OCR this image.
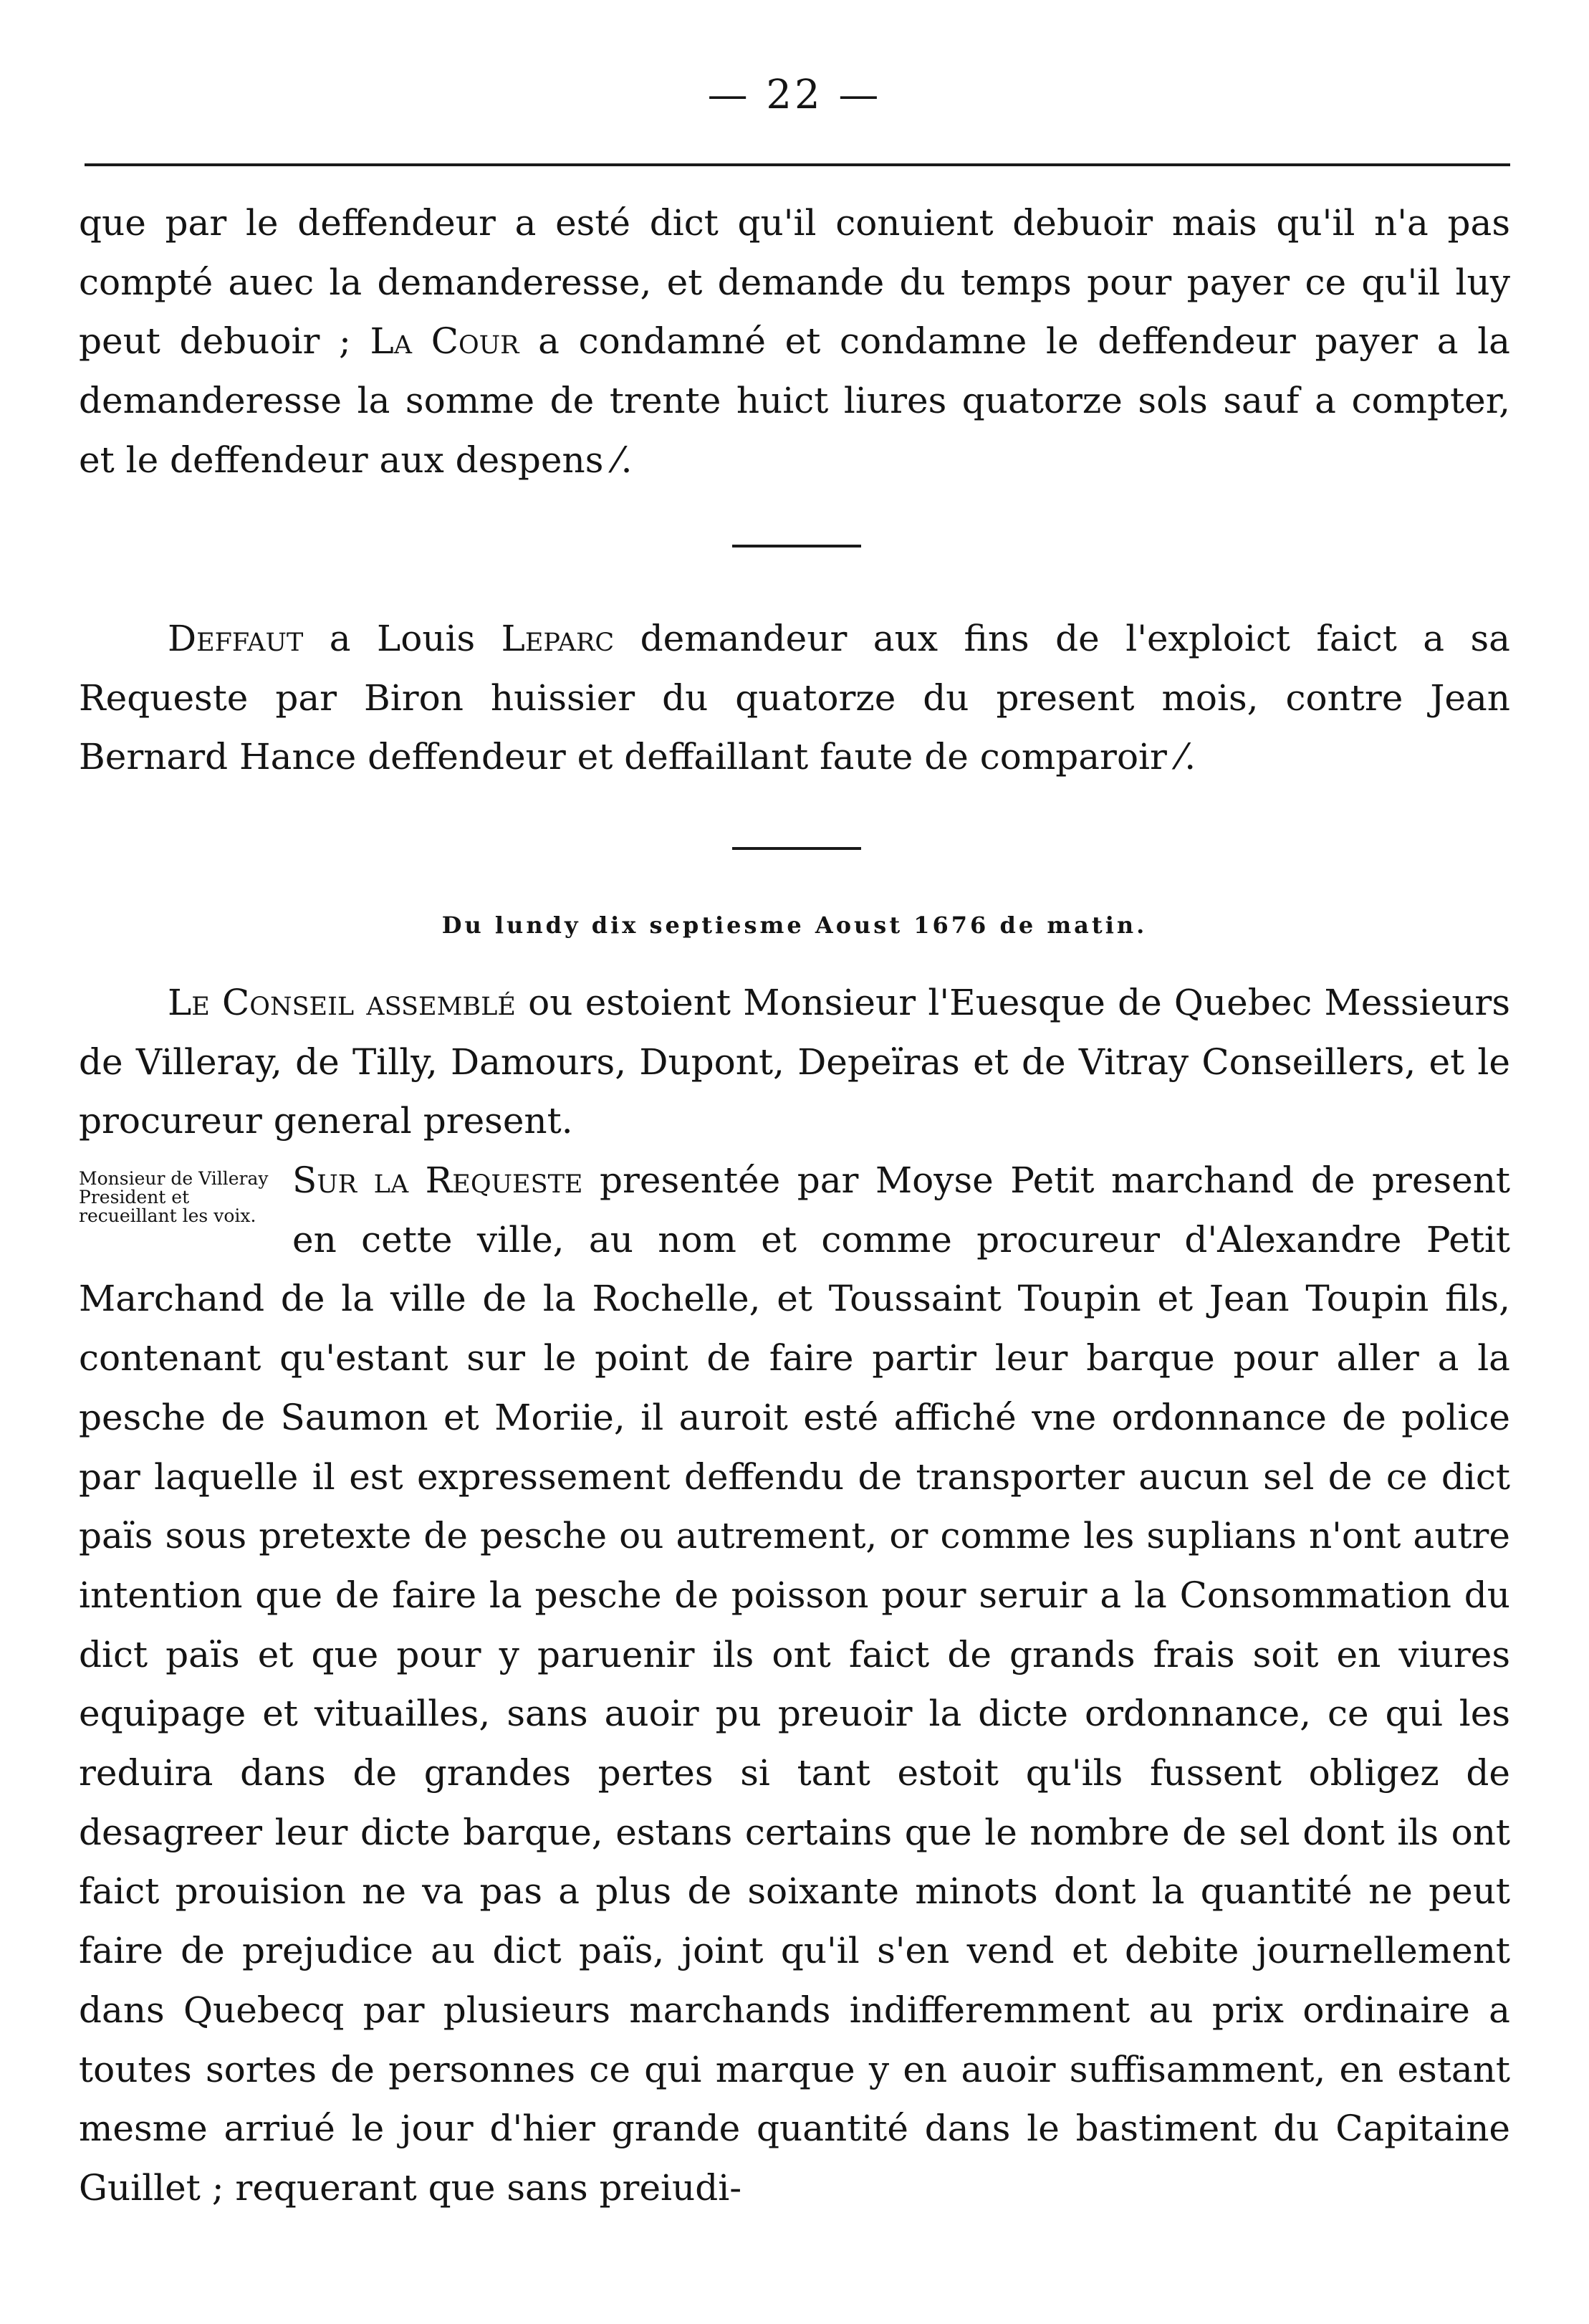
— 22 —

que par le deffendeur a esté dict qu'il conuient debuoir mais qu'il n'a pas compté auec la demanderesse, et demande du temps pour payer ce qu'il luy peut debuoir ; La Cour a condamné et condamne le deffendeur payer a la demanderesse la somme de trente huict liures quatorze sols sauf a compter, et le deffendeur aux despens ⁄.

Deffaut a Louis Leparc demandeur aux fins de l'exploict faict a sa Requeste par Biron huissier du quatorze du present mois, contre Jean Bernard Hance deffendeur et deffaillant faute de comparoir ⁄.

Du lundy dix septiesme Aoust 1676 de matin.

Le Conseil assemblé ou estoient Monsieur l'Euesque de Quebec Messieurs de Villeray, de Tilly, Damours, Dupont, Depeïras et de Vitray Conseillers, et le procureur general present.

Monsieur de Villeray President et recueillant les voix.

Sur la Requeste presentée par Moyse Petit marchand de present en cette ville, au nom et comme procureur d'Alexandre Petit Marchand de la ville de la Rochelle, et Toussaint Toupin et Jean Toupin fils, contenant qu'estant sur le point de faire partir leur barque pour aller a la pesche de Saumon et Moriie, il auroit esté affiché vne ordonnance de police par laquelle il est expressement deffendu de transporter aucun sel de ce dict païs sous pretexte de pesche ou autrement, or comme les suplians n'ont autre intention que de faire la pesche de poisson pour seruir a la Consommation du dict païs et que pour y paruenir ils ont faict de grands frais soit en viures equipage et vituailles, sans auoir pu preuoir la dicte ordonnance, ce qui les reduira dans de grandes pertes si tant estoit qu'ils fussent obligez de desagreer leur dicte barque, estans certains que le nombre de sel dont ils ont faict prouision ne va pas a plus de soixante minots dont la quantité ne peut faire de prejudice au dict païs, joint qu'il s'en vend et debite journellement dans Quebecq par plusieurs marchands indifferemment au prix ordinaire a toutes sortes de personnes ce qui marque y en auoir suffisamment, en estant mesme arriué le jour d'hier grande quantité dans le bastiment du Capitaine Guillet ; requerant que sans preiudi-
